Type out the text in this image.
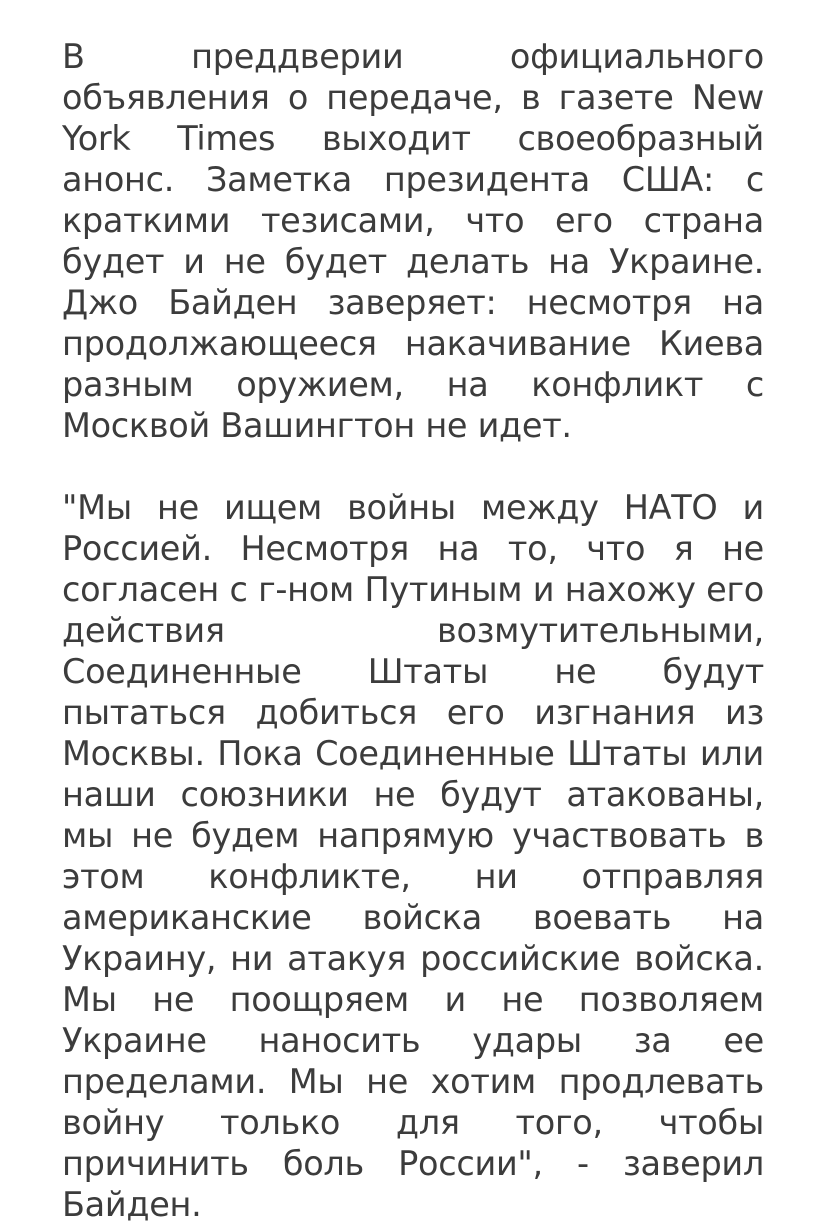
В преддверии официального объявления о передаче, в газете New York Times выходит своеобразный анонс. Заметка президента США: с краткими тезисами, что его страна будет и не будет делать на Украине. Джо Байден заверяет: несмотря на продолжающееся накачивание Киева разным оружием, на конфликт с Москвой Вашингтон не идет.

"Мы не ищем войны между НАТО и Россией. Несмотря на то, что я не согласен с г-ном Путиным и нахожу его действия возмутительными, Соединенные Штаты не будут пытаться добиться его изгнания из Москвы. Пока Соединенные Штаты или наши союзники не будут атакованы, мы не будем напрямую участвовать в этом конфликте, ни отправляя американские войска воевать на Украину, ни атакуя российские войска. Мы не поощряем и не позволяем Украине наносить удары за ее пределами. Мы не хотим продлевать войну только для того, чтобы причинить боль России", - заверил Байден.
